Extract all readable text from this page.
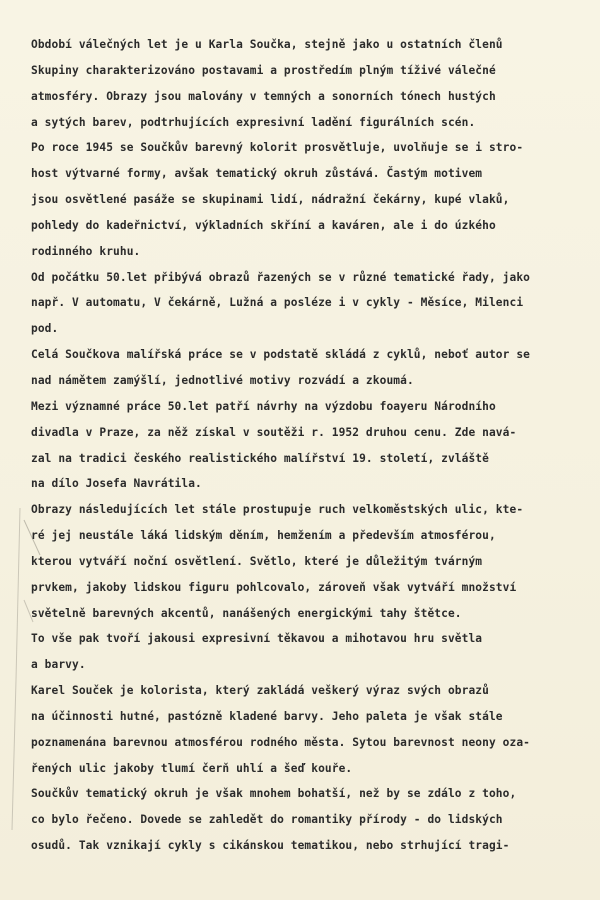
Období válečných let je u Karla Součka, stejně jako u ostatních členů
Skupiny charakterizováno postavami a prostředím plným tíživé válečné
atmosféry. Obrazy jsou malovány v temných a sonorních tónech hustých
a sytých barev, podtrhujících expresivní ladění figurálních scén.
Po roce 1945 se Součkův barevný kolorit prosvětluje, uvolňuje se i stro-
host výtvarné formy, avšak tematický okruh zůstává. Častým motivem
jsou osvětlené pasáže se skupinami lidí, nádražní čekárny, kupé vlaků,
pohledy do kadeřnictví, výkladních skříní a kaváren, ale i do úzkého
rodinného kruhu.
Od počátku 50.let přibývá obrazů řazených se v různé tematické řady, jako
např. V automatu, V čekárně, Lužná a posléze i v cykly - Měsíce, Milenci
pod.
Celá Součkova malířská práce se v podstatě skládá z cyklů, neboť autor se
nad námětem zamýšlí, jednotlivé motivy rozvádí a zkoumá.
Mezi významné práce 50.let patří návrhy na výzdobu foayeru Národního
divadla v Praze, za něž získal v soutěži r. 1952 druhou cenu. Zde navá-
zal na tradici českého realistického malířství 19. století, zvláště
na dílo Josefa Navrátila.
Obrazy následujících let stále prostupuje ruch velkoměstských ulic, kte-
ré jej neustále láká lidským děním, hemžením a především atmosférou,
kterou vytváří noční osvětlení. Světlo, které je důležitým tvárným
prvkem, jakoby lidskou figuru pohlcovalo, zároveň však vytváří množství
světelně barevných akcentů, nanášených energickými tahy štětce.
To vše pak tvoří jakousi expresivní těkavou a mihotavou hru světla
a barvy.
Karel Souček je kolorista, který zakládá veškerý výraz svých obrazů
na účinnosti hutné, pastózně kladené barvy. Jeho paleta je však stále
poznamenána barevnou atmosférou rodného města. Sytou barevnost neony oza-
řených ulic jakoby tlumí čerň uhlí a šeď kouře.
Součkův tematický okruh je však mnohem bohatší, než by se zdálo z toho,
co bylo řečeno. Dovede se zahledět do romantiky přírody - do lidských
osudů. Tak vznikají cykly s cikánskou tematikou, nebo strhující tragi-
